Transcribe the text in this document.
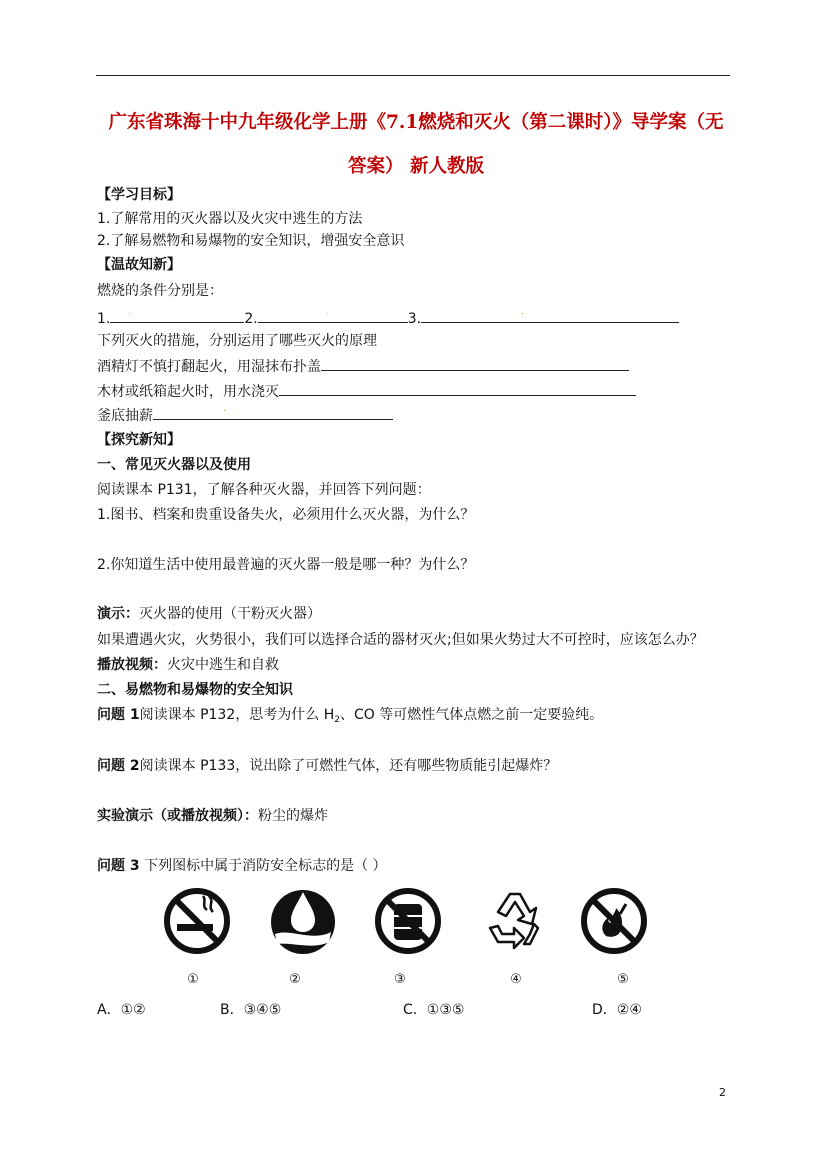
广东省珠海十中九年级化学上册《7.1燃烧和灭火（第二课时）》导学案（无
答案） 新人教版
【学习目标】
1.了解常用的灭火器以及火灾中逃生的方法
2.了解易燃物和易爆物的安全知识，增强安全意识
【温故知新】
燃烧的条件分别是：
1. .	2.	.	3.	.
下列灭火的措施，分别运用了哪些灭火的原理
酒精灯不慎打翻起火，用湿抹布扑盖
木材或纸箱起火时，用水浇灭
釜底抽薪	.
【探究新知】
一、常见灭火器以及使用
阅读课本 P131，了解各种灭火器，并回答下列问题：
1.图书、档案和贵重设备失火，必须用什么灭火器，为什么？
2.你知道生活中使用最普遍的灭火器一般是哪一种？为什么？
演示：灭火器的使用（干粉灭火器）
如果遭遇火灾，火势很小，我们可以选择合适的器材灭火;但如果火势过大不可控时，应该怎么办？
播放视频：火灾中逃生和自救
二、易燃物和易爆物的安全知识
问题 1阅读课本 P132，思考为什么 $H_2$、CO 等可燃性气体点燃之前一定要验纯。
问题 2阅读课本 P133，说出除了可燃性气体，还有哪些物质能引起爆炸？
实验演示（或播放视频）：粉尘的爆炸
问题 3 下列图标中属于消防安全标志的是（ ）
①	②	③	④	⑤
A．①②	B．③④⑤	C．①③⑤	D．②④
2
